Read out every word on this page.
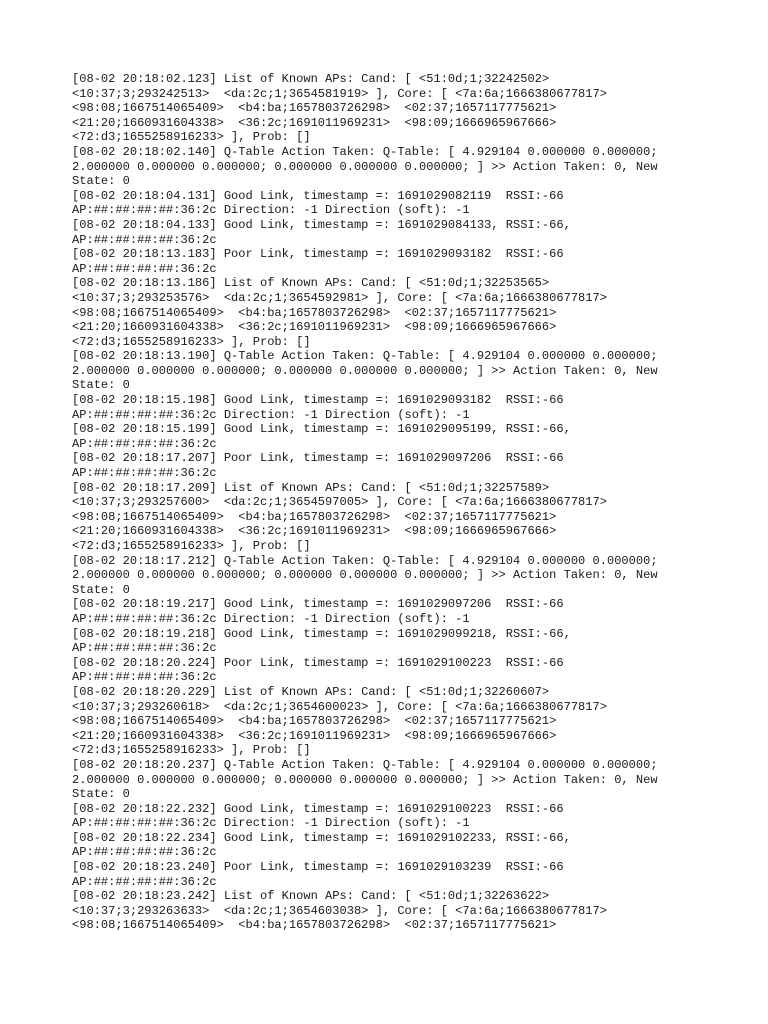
[08-02 20:18:02.123] List of Known APs: Cand: [ <51:0d;1;32242502>
<10:37;3;293242513>  <da:2c;1;3654581919> ], Core: [ <7a:6a;1666380677817>
<98:08;1667514065409>  <b4:ba;1657803726298>  <02:37;1657117775621>
<21:20;1660931604338>  <36:2c;1691011969231>  <98:09;1666965967666>
<72:d3;1655258916233> ], Prob: []
[08-02 20:18:02.140] Q-Table Action Taken: Q-Table: [ 4.929104 0.000000 0.000000;
2.000000 0.000000 0.000000; 0.000000 0.000000 0.000000; ] >> Action Taken: 0, New
State: 0
[08-02 20:18:04.131] Good Link, timestamp =: 1691029082119  RSSI:-66
AP:##:##:##:##:36:2c Direction: -1 Direction (soft): -1
[08-02 20:18:04.133] Good Link, timestamp =: 1691029084133, RSSI:-66,
AP:##:##:##:##:36:2c
[08-02 20:18:13.183] Poor Link, timestamp =: 1691029093182  RSSI:-66
AP:##:##:##:##:36:2c
[08-02 20:18:13.186] List of Known APs: Cand: [ <51:0d;1;32253565>
<10:37;3;293253576>  <da:2c;1;3654592981> ], Core: [ <7a:6a;1666380677817>
<98:08;1667514065409>  <b4:ba;1657803726298>  <02:37;1657117775621>
<21:20;1660931604338>  <36:2c;1691011969231>  <98:09;1666965967666>
<72:d3;1655258916233> ], Prob: []
[08-02 20:18:13.190] Q-Table Action Taken: Q-Table: [ 4.929104 0.000000 0.000000;
2.000000 0.000000 0.000000; 0.000000 0.000000 0.000000; ] >> Action Taken: 0, New
State: 0
[08-02 20:18:15.198] Good Link, timestamp =: 1691029093182  RSSI:-66
AP:##:##:##:##:36:2c Direction: -1 Direction (soft): -1
[08-02 20:18:15.199] Good Link, timestamp =: 1691029095199, RSSI:-66,
AP:##:##:##:##:36:2c
[08-02 20:18:17.207] Poor Link, timestamp =: 1691029097206  RSSI:-66
AP:##:##:##:##:36:2c
[08-02 20:18:17.209] List of Known APs: Cand: [ <51:0d;1;32257589>
<10:37;3;293257600>  <da:2c;1;3654597005> ], Core: [ <7a:6a;1666380677817>
<98:08;1667514065409>  <b4:ba;1657803726298>  <02:37;1657117775621>
<21:20;1660931604338>  <36:2c;1691011969231>  <98:09;1666965967666>
<72:d3;1655258916233> ], Prob: []
[08-02 20:18:17.212] Q-Table Action Taken: Q-Table: [ 4.929104 0.000000 0.000000;
2.000000 0.000000 0.000000; 0.000000 0.000000 0.000000; ] >> Action Taken: 0, New
State: 0
[08-02 20:18:19.217] Good Link, timestamp =: 1691029097206  RSSI:-66
AP:##:##:##:##:36:2c Direction: -1 Direction (soft): -1
[08-02 20:18:19.218] Good Link, timestamp =: 1691029099218, RSSI:-66,
AP:##:##:##:##:36:2c
[08-02 20:18:20.224] Poor Link, timestamp =: 1691029100223  RSSI:-66
AP:##:##:##:##:36:2c
[08-02 20:18:20.229] List of Known APs: Cand: [ <51:0d;1;32260607>
<10:37;3;293260618>  <da:2c;1;3654600023> ], Core: [ <7a:6a;1666380677817>
<98:08;1667514065409>  <b4:ba;1657803726298>  <02:37;1657117775621>
<21:20;1660931604338>  <36:2c;1691011969231>  <98:09;1666965967666>
<72:d3;1655258916233> ], Prob: []
[08-02 20:18:20.237] Q-Table Action Taken: Q-Table: [ 4.929104 0.000000 0.000000;
2.000000 0.000000 0.000000; 0.000000 0.000000 0.000000; ] >> Action Taken: 0, New
State: 0
[08-02 20:18:22.232] Good Link, timestamp =: 1691029100223  RSSI:-66
AP:##:##:##:##:36:2c Direction: -1 Direction (soft): -1
[08-02 20:18:22.234] Good Link, timestamp =: 1691029102233, RSSI:-66,
AP:##:##:##:##:36:2c
[08-02 20:18:23.240] Poor Link, timestamp =: 1691029103239  RSSI:-66
AP:##:##:##:##:36:2c
[08-02 20:18:23.242] List of Known APs: Cand: [ <51:0d;1;32263622>
<10:37;3;293263633>  <da:2c;1;3654603038> ], Core: [ <7a:6a;1666380677817>
<98:08;1667514065409>  <b4:ba;1657803726298>  <02:37;1657117775621>
